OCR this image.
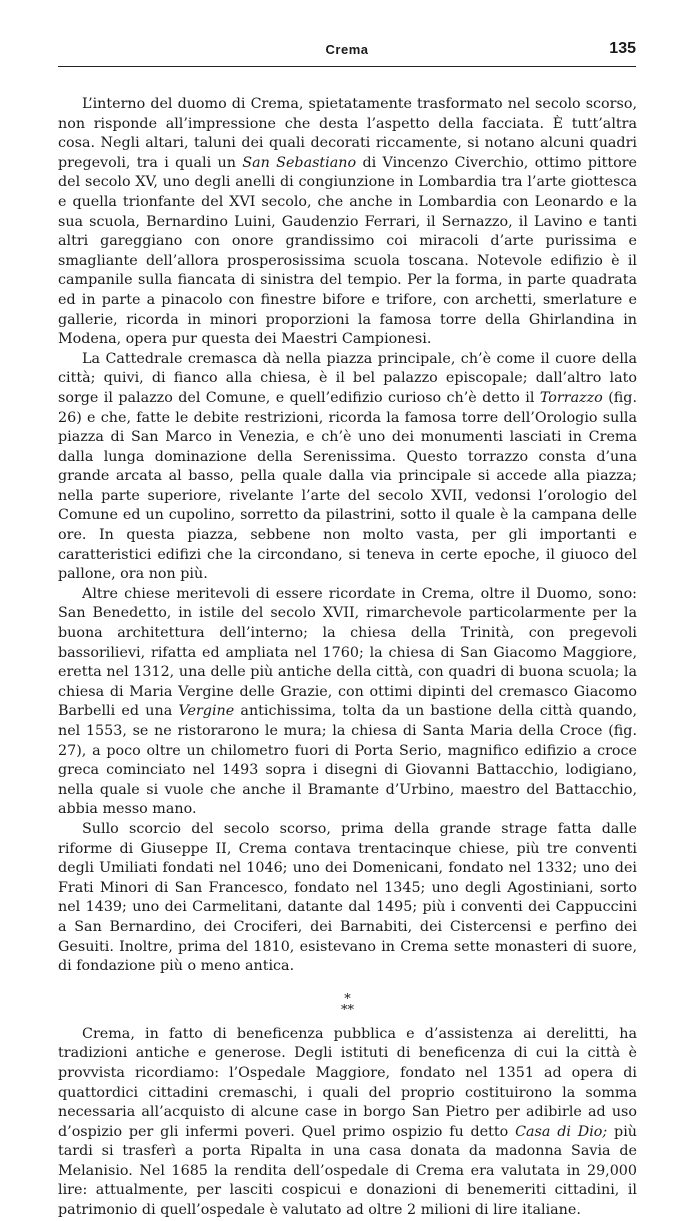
Crema	135

L’interno del duomo di Crema, spietatamente trasformato nel secolo scorso, non risponde all’impressione che desta l’aspetto della facciata. È tutt’altra cosa. Negli altari, taluni dei quali decorati riccamente, si notano alcuni quadri pregevoli, tra i quali un San Sebastiano di Vincenzo Civerchio, ottimo pittore del secolo XV, uno degli anelli di congiunzione in Lombardia tra l’arte giottesca e quella trionfante del XVI secolo, che anche in Lombardia con Leonardo e la sua scuola, Bernardino Luini, Gaudenzio Ferrari, il Sernazzo, il Lavino e tanti altri gareggiano con onore grandissimo coi miracoli d’arte purissima e smagliante dell’allora prosperosissima scuola toscana. Notevole edifizio è il campanile sulla fiancata di sinistra del tempio. Per la forma, in parte quadrata ed in parte a pinacolo con finestre bifore e trifore, con archetti, smerlature e gallerie, ricorda in minori proporzioni la famosa torre della Ghirlandina in Modena, opera pur questa dei Maestri Campionesi.

La Cattedrale cremasca dà nella piazza principale, ch’è come il cuore della città; quivi, di fianco alla chiesa, è il bel palazzo episcopale; dall’altro lato sorge il palazzo del Comune, e quell’edifizio curioso ch’è detto il Torrazzo (fig. 26) e che, fatte le debite restrizioni, ricorda la famosa torre dell’Orologio sulla piazza di San Marco in Venezia, e ch’è uno dei monumenti lasciati in Crema dalla lunga dominazione della Serenissima. Questo torrazzo consta d’una grande arcata al basso, pella quale dalla via principale si accede alla piazza; nella parte superiore, rivelante l’arte del secolo XVII, vedonsi l’orologio del Comune ed un cupolino, sorretto da pilastrini, sotto il quale è la campana delle ore. In questa piazza, sebbene non molto vasta, per gli importanti e caratteristici edifizi che la circondano, si teneva in certe epoche, il giuoco del pallone, ora non più.

Altre chiese meritevoli di essere ricordate in Crema, oltre il Duomo, sono: San Benedetto, in istile del secolo XVII, rimarchevole particolarmente per la buona architettura dell’interno; la chiesa della Trinità, con pregevoli bassorilievi, rifatta ed ampliata nel 1760; la chiesa di San Giacomo Maggiore, eretta nel 1312, una delle più antiche della città, con quadri di buona scuola; la chiesa di Maria Vergine delle Grazie, con ottimi dipinti del cremasco Giacomo Barbelli ed una Vergine antichissima, tolta da un bastione della città quando, nel 1553, se ne ristorarono le mura; la chiesa di Santa Maria della Croce (fig. 27), a poco oltre un chilometro fuori di Porta Serio, magnifico edifizio a croce greca cominciato nel 1493 sopra i disegni di Giovanni Battacchio, lodigiano, nella quale si vuole che anche il Bramante d’Urbino, maestro del Battacchio, abbia messo mano.

Sullo scorcio del secolo scorso, prima della grande strage fatta dalle riforme di Giuseppe II, Crema contava trentacinque chiese, più tre conventi degli Umiliati fondati nel 1046; uno dei Domenicani, fondato nel 1332; uno dei Frati Minori di San Francesco, fondato nel 1345; uno degli Agostiniani, sorto nel 1439; uno dei Carmelitani, datante dal 1495; più i conventi dei Cappuccini a San Bernardino, dei Crociferi, dei Barnabiti, dei Cistercensi e perfino dei Gesuiti. Inoltre, prima del 1810, esistevano in Crema sette monasteri di suore, di fondazione più o meno antica.

*
**

Crema, in fatto di beneficenza pubblica e d’assistenza ai derelitti, ha tradizioni antiche e generose. Degli istituti di beneficenza di cui la città è provvista ricordiamo: l’Ospedale Maggiore, fondato nel 1351 ad opera di quattordici cittadini cremaschi, i quali del proprio costituirono la somma necessaria all’acquisto di alcune case in borgo San Pietro per adibirle ad uso d’ospizio per gli infermi poveri. Quel primo ospizio fu detto Casa di Dio; più tardi si trasferì a porta Ripalta in una casa donata da madonna Savia de Melanisio. Nel 1685 la rendita dell’ospedale di Crema era valutata in 29,000 lire: attualmente, per lasciti cospicui e donazioni di benemeriti cittadini, il patrimonio di quell’ospedale è valutato ad oltre 2 milioni di lire italiane.
